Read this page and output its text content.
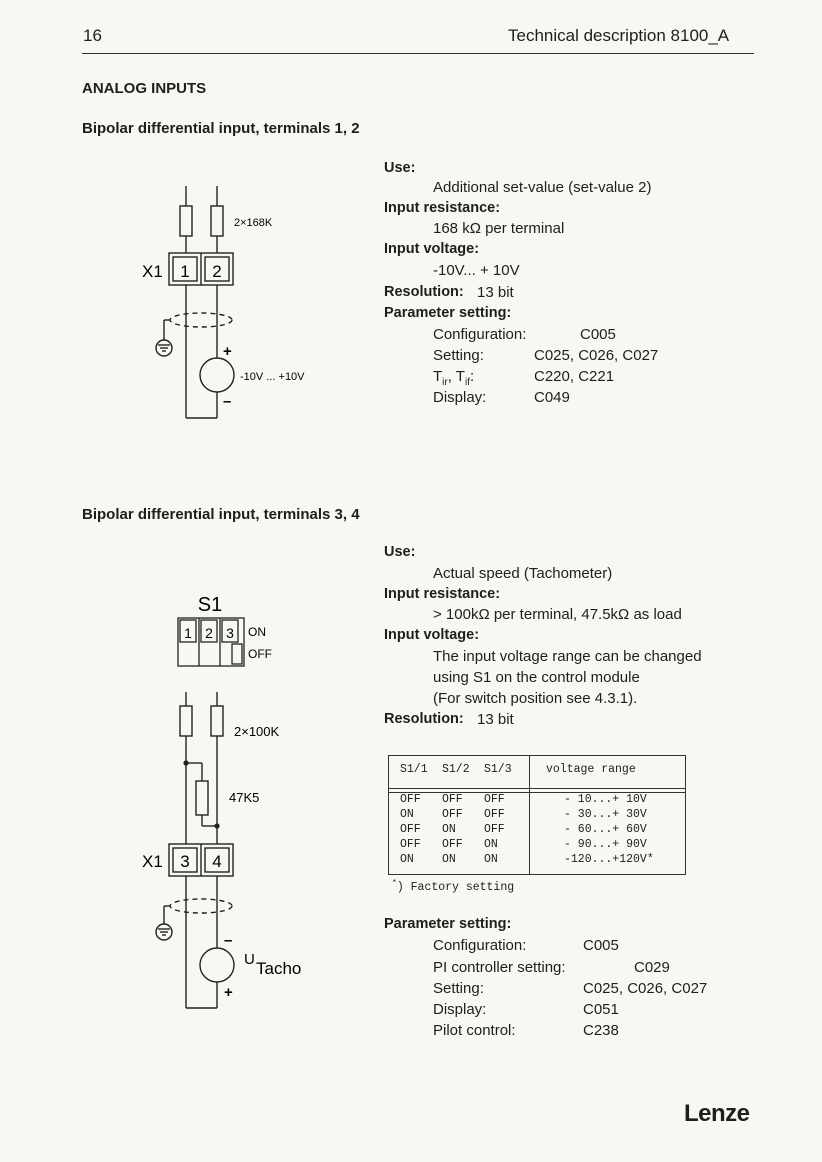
16	Technical description 8100_A
ANALOG INPUTS
Bipolar differential input, terminals 1, 2
2×168K
X1 1 2
+
–
-10V ... +10V
Use:
Additional set-value (set-value 2)
Input resistance:
168 kΩ per terminal
Input voltage:
-10V... + 10V
Resolution: 13 bit
Parameter setting:
Configuration:	C005
Setting:	C025, C026, C027
$T_{ir}$, $T_{if}$:	C220, C221
Display:	C049
Bipolar differential input, terminals 3, 4
S1
1 2 3 ON
OFF
2×100K
47K5
X1 3 4
–
+
U Tacho
Use:
Actual speed (Tachometer)
Input resistance:
> 100kΩ per terminal, 47.5kΩ as load
Input voltage:
The input voltage range can be changed
using S1 on the control module
(For switch position see 4.3.1).
Resolution: 13 bit
S1/1 S1/2 S1/3	voltage range
OFF OFF OFF	- 10...+ 10V
ON OFF OFF	- 30...+ 30V
OFF ON OFF	- 60...+ 60V
OFF OFF ON	- 90...+ 90V
ON ON ON	-120...+120V*
*) Factory setting
Parameter setting:
Configuration:	C005
PI controller setting:	C029
Setting:	C025, C026, C027
Display:	C051
Pilot control:	C238
Lenze
